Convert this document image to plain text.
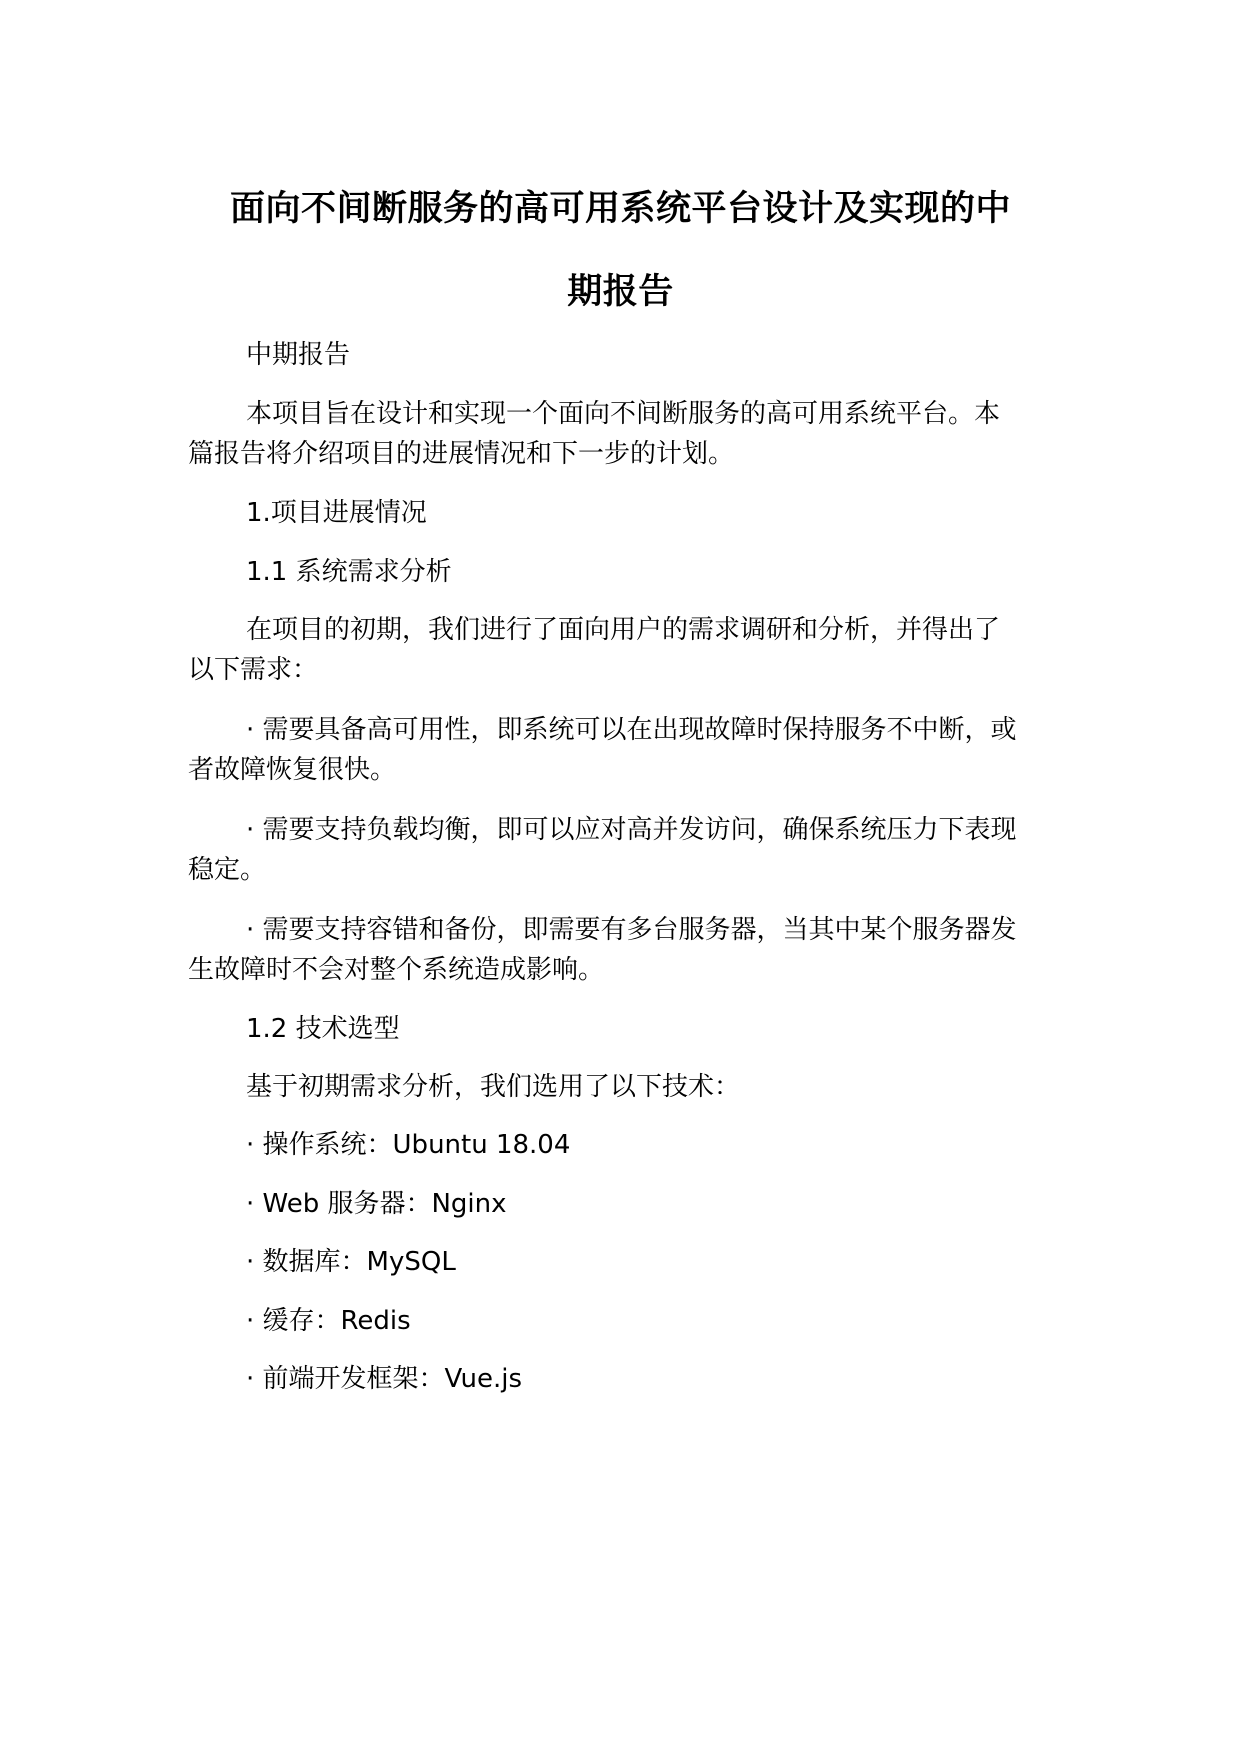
面向不间断服务的高可用系统平台设计及实现的中
期报告
中期报告
本项目旨在设计和实现一个面向不间断服务的高可用系统平台。本
篇报告将介绍项目的进展情况和下一步的计划。
1.项目进展情况
1.1 系统需求分析
在项目的初期，我们进行了面向用户的需求调研和分析，并得出了
以下需求：
· 需要具备高可用性，即系统可以在出现故障时保持服务不中断，或
者故障恢复很快。
· 需要支持负载均衡，即可以应对高并发访问，确保系统压力下表现
稳定。
· 需要支持容错和备份，即需要有多台服务器，当其中某个服务器发
生故障时不会对整个系统造成影响。
1.2 技术选型
基于初期需求分析，我们选用了以下技术：
· 操作系统：Ubuntu 18.04
· Web 服务器：Nginx
· 数据库：MySQL
· 缓存：Redis
· 前端开发框架：Vue.js
